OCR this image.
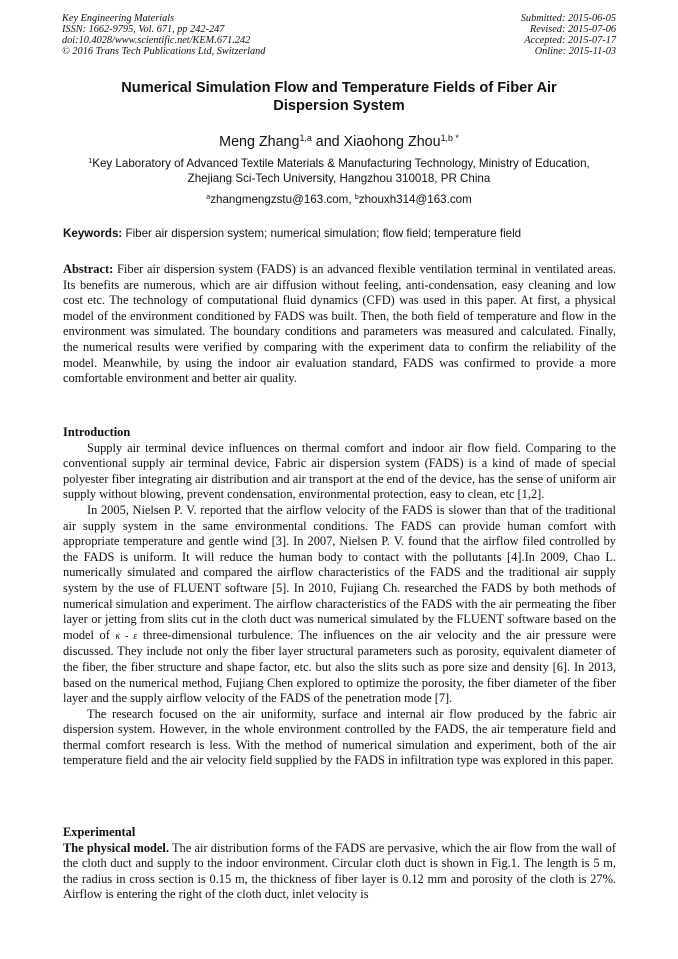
Key Engineering Materials
ISSN: 1662-9795, Vol. 671, pp 242-247
doi:10.4028/www.scientific.net/KEM.671.242
© 2016 Trans Tech Publications Ltd, Switzerland
Submitted: 2015-06-05
Revised: 2015-07-06
Accepted: 2015-07-17
Online: 2015-11-03
Numerical Simulation Flow and Temperature Fields of Fiber Air
Dispersion System
Meng Zhang$^{1,a}$ and Xiaohong Zhou$^{1,b *}$
$^1$Key Laboratory of Advanced Textile Materials & Manufacturing Technology, Ministry of Education,
Zhejiang Sci-Tech University, Hangzhou 310018, PR China
$^a$zhangmengzstu@163.com, $^b$zhouxh314@163.com
Keywords: Fiber air dispersion system; numerical simulation; flow field; temperature field

Abstract: Fiber air dispersion system (FADS) is an advanced flexible ventilation terminal in ventilated areas. Its benefits are numerous, which are air diffusion without feeling, anti-condensation, easy cleaning and low cost etc. The technology of computational fluid dynamics (CFD) was used in this paper. At first, a physical model of the environment conditioned by FADS was built. Then, the both field of temperature and flow in the environment was simulated. The boundary conditions and parameters was measured and calculated. Finally, the numerical results were verified by comparing with the experiment data to confirm the reliability of the model. Meanwhile, by using the indoor air evaluation standard, FADS was confirmed to provide a more comfortable environment and better air quality.

Introduction

Supply air terminal device influences on thermal comfort and indoor air flow field. Comparing to the conventional supply air terminal device, Fabric air dispersion system (FADS) is a kind of made of special polyester fiber integrating air distribution and air transport at the end of the device, has the sense of uniform air supply without blowing, prevent condensation, environmental protection, easy to clean, etc [1,2].

In 2005, Nielsen P. V. reported that the airflow velocity of the FADS is slower than that of the traditional air supply system in the same environmental conditions. The FADS can provide human comfort with appropriate temperature and gentle wind [3]. In 2007, Nielsen P. V. found that the airflow filed controlled by the FADS is uniform. It will reduce the human body to contact with the pollutants [4].In 2009, Chao L. numerically simulated and compared the airflow characteristics of the FADS and the traditional air supply system by the use of FLUENT software [5]. In 2010, Fujiang Ch. researched the FADS by both methods of numerical simulation and experiment. The airflow characteristics of the FADS with the air permeating the fiber layer or jetting from slits cut in the cloth duct was numerical simulated by the FLUENT software based on the model of κ - ε three-dimensional turbulence. The influences on the air velocity and the air pressure were discussed. They include not only the fiber layer structural parameters such as porosity, equivalent diameter of the fiber, the fiber structure and shape factor, etc. but also the slits such as pore size and density [6]. In 2013, based on the numerical method, Fujiang Chen explored to optimize the porosity, the fiber diameter of the fiber layer and the supply airflow velocity of the FADS of the penetration mode [7].

The research focused on the air uniformity, surface and internal air flow produced by the fabric air dispersion system. However, in the whole environment controlled by the FADS, the air temperature field and thermal comfort research is less. With the method of numerical simulation and experiment, both of the air temperature field and the air velocity field supplied by the FADS in infiltration type was explored in this paper.

Experimental

The physical model. The air distribution forms of the FADS are pervasive, which the air flow from the wall of the cloth duct and supply to the indoor environment. Circular cloth duct is shown in Fig.1. The length is 5 m, the radius in cross section is 0.15 m, the thickness of fiber layer is 0.12 mm and porosity of the cloth is 27%. Airflow is entering the right of the cloth duct, inlet velocity is
